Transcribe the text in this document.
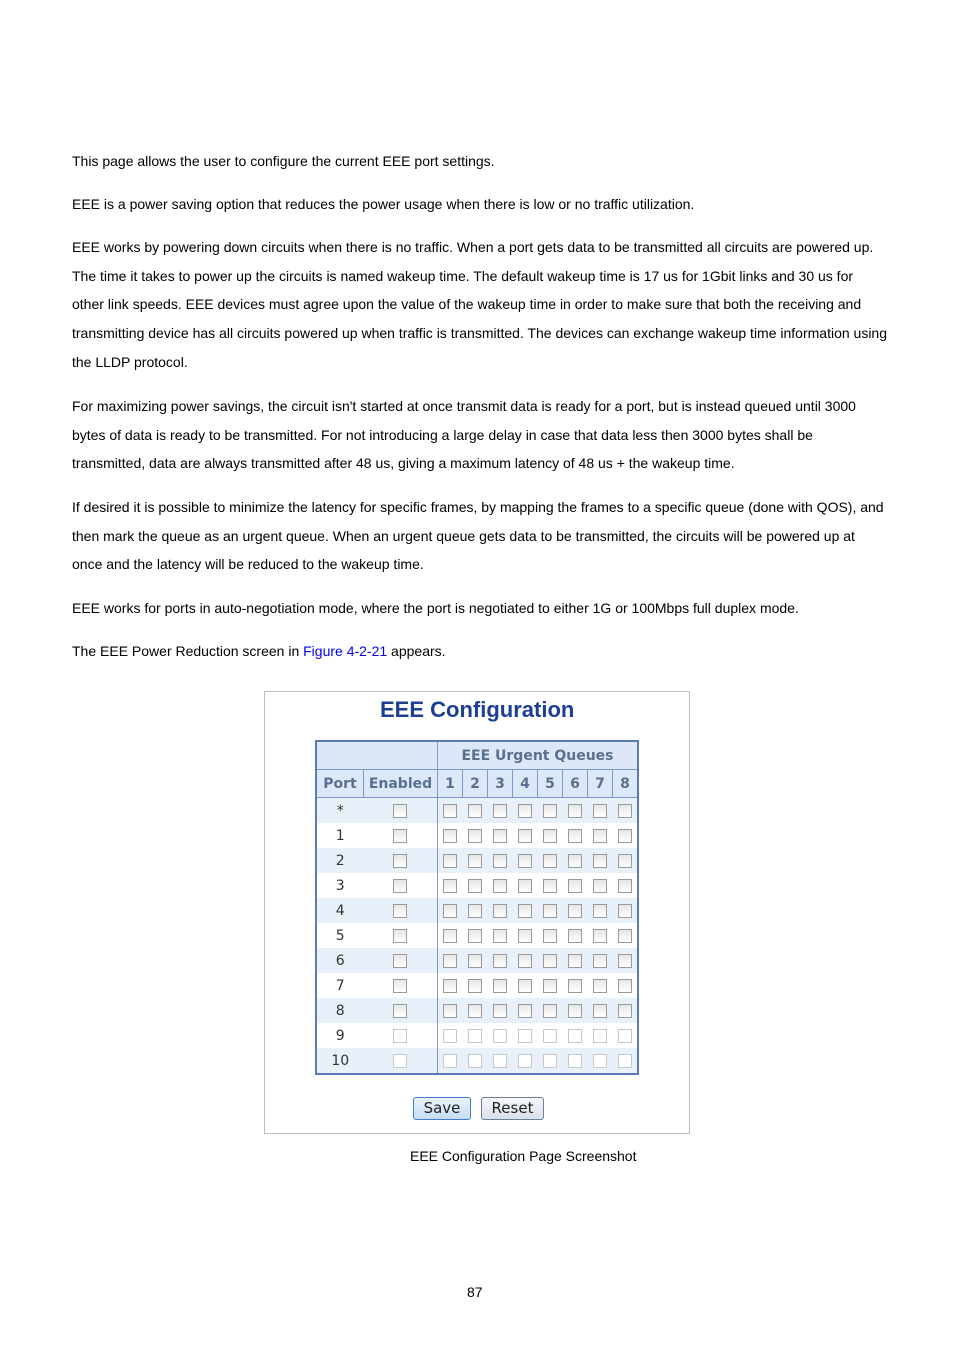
This page allows the user to configure the current EEE port settings.

EEE is a power saving option that reduces the power usage when there is low or no traffic utilization.

EEE works by powering down circuits when there is no traffic. When a port gets data to be transmitted all circuits are powered up. The time it takes to power up the circuits is named wakeup time. The default wakeup time is 17 us for 1Gbit links and 30 us for other link speeds. EEE devices must agree upon the value of the wakeup time in order to make sure that both the receiving and transmitting device has all circuits powered up when traffic is transmitted. The devices can exchange wakeup time information using the LLDP protocol.

For maximizing power savings, the circuit isn't started at once transmit data is ready for a port, but is instead queued until 3000 bytes of data is ready to be transmitted. For not introducing a large delay in case that data less then 3000 bytes shall be transmitted, data are always transmitted after 48 us, giving a maximum latency of 48 us + the wakeup time.

If desired it is possible to minimize the latency for specific frames, by mapping the frames to a specific queue (done with QOS), and then mark the queue as an urgent queue. When an urgent queue gets data to be transmitted, the circuits will be powered up at once and the latency will be reduced to the wakeup time.

EEE works for ports in auto-negotiation mode, where the port is negotiated to either 1G or 100Mbps full duplex mode.

The EEE Power Reduction screen in Figure 4-2-21 appears.

EEE Configuration
		EEE Urgent Queues							
Port	Enabled	1	2	3	4	5	6	7	8
*									
1									
2									
3									
4									
5									
6									
7									
8									
9									
10									
Save	Reset
EEE Configuration Page Screenshot
87
